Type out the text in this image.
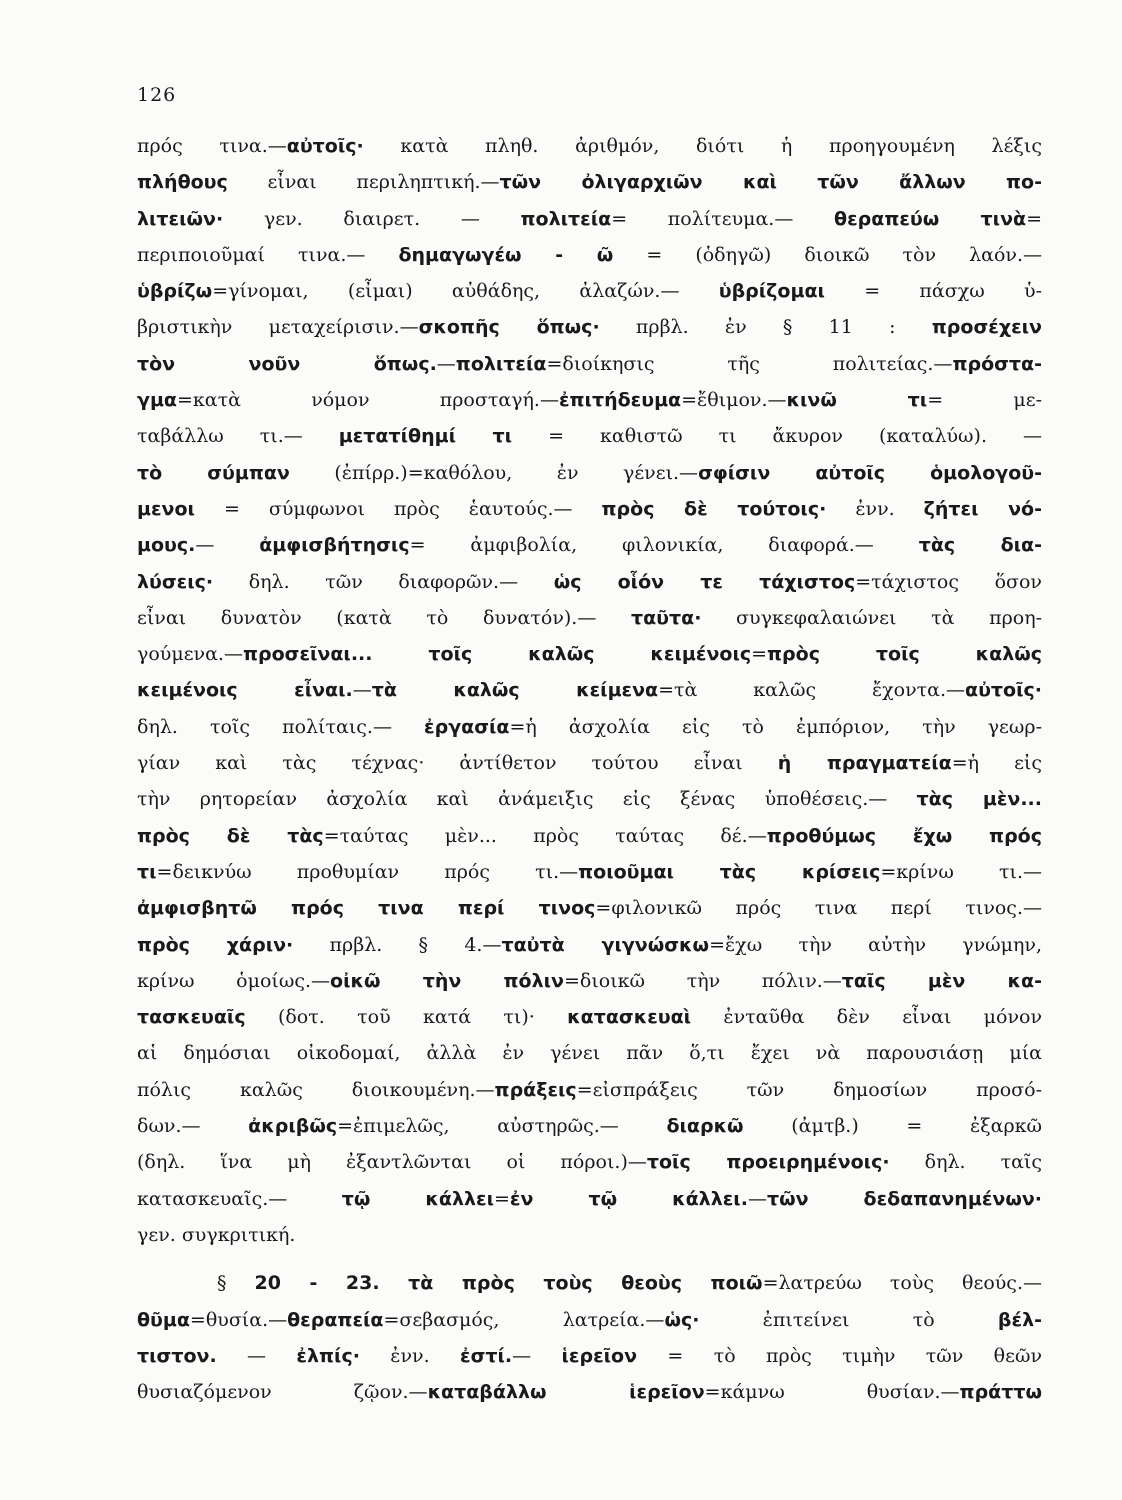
126
πρός τινα.—αὐτοῖς· κατὰ πληθ. ἀριθμόν, διότι ἡ προηγουμένη λέξις
πλήθους εἶναι περιληπτική.—τῶν ὀλιγαρχιῶν καὶ τῶν ἄλλων πο-
λιτειῶν· γεν. διαιρετ. — πολιτεία= πολίτευμα.— θεραπεύω τινὰ=
περιποιοῦμαί τινα.— δημαγωγέω - ῶ = (ὁδηγῶ) διοικῶ τὸν λαόν.—
ὑβρίζω=γίνομαι, (εἶμαι) αὐθάδης, ἀλαζών.— ὑβρίζομαι = πάσχω ὑ-
βριστικὴν μεταχείρισιν.—σκοπῆς ὅπως· πρβλ. ἐν § 11 : προσέχειν
τὸν νοῦν ὅπως.—πολιτεία=διοίκησις τῆς πολιτείας.—πρόστα-
γμα=κατὰ νόμον προσταγή.—ἐπιτήδευμα=ἔθιμον.—κινῶ τι= με-
ταβάλλω τι.— μετατίθημί τι = καθιστῶ τι ἄκυρον (καταλύω). —
τὸ σύμπαν (ἐπίρρ.)=καθόλου, ἐν γένει.—σφίσιν αὐτοῖς ὁμολογοῦ-
μενοι = σύμφωνοι πρὸς ἑαυτούς.— πρὸς δὲ τούτοις· ἐνν. ζήτει νό-
μους.— ἀμφισβήτησις= ἀμφιβολία, φιλονικία, διαφορά.— τὰς δια-
λύσεις· δηλ. τῶν διαφορῶν.— ὡς οἷόν τε τάχιστος=τάχιστος ὅσον
εἶναι δυνατὸν (κατὰ τὸ δυνατόν).— ταῦτα· συγκεφαλαιώνει τὰ προη-
γούμενα.—προσεῖναι... τοῖς καλῶς κειμένοις=πρὸς τοῖς καλῶς
κειμένοις εἶναι.—τὰ καλῶς κείμενα=τὰ καλῶς ἔχοντα.—αὐτοῖς·
δηλ. τοῖς πολίταις.— ἐργασία=ἡ ἀσχολία εἰς τὸ ἐμπόριον, τὴν γεωρ-
γίαν καὶ τὰς τέχνας· ἀντίθετον τούτου εἶναι ἡ πραγματεία=ἡ εἰς
τὴν ρητορείαν ἀσχολία καὶ ἀνάμειξις εἰς ξένας ὑποθέσεις.— τὰς μὲν...
πρὸς δὲ τὰς=ταύτας μὲν... πρὸς ταύτας δέ.—προθύμως ἔχω πρός
τι=δεικνύω προθυμίαν πρός τι.—ποιοῦμαι τὰς κρίσεις=κρίνω τι.—
ἀμφισβητῶ πρός τινα περί τινος=φιλονικῶ πρός τινα περί τινος.—
πρὸς χάριν· πρβλ. § 4.—ταὐτὰ γιγνώσκω=ἔχω τὴν αὐτὴν γνώμην,
κρίνω ὁμοίως.—οἰκῶ τὴν πόλιν=διοικῶ τὴν πόλιν.—ταῖς μὲν κα-
τασκευαῖς (δοτ. τοῦ κατά τι)· κατασκευαὶ ἐνταῦθα δὲν εἶναι μόνον
αἱ δημόσιαι οἰκοδομαί, ἀλλὰ ἐν γένει πᾶν ὅ,τι ἔχει νὰ παρουσιάσῃ μία
πόλις καλῶς διοικουμένη.—πράξεις=εἰσπράξεις τῶν δημοσίων προσό-
δων.— ἀκριβῶς=ἐπιμελῶς, αὐστηρῶς.— διαρκῶ (ἀμτβ.) = ἐξαρκῶ
(δηλ. ἵνα μὴ ἐξαντλῶνται οἱ πόροι.)—τοῖς προειρημένοις· δηλ. ταῖς
κατασκευαῖς.— τῷ κάλλει=ἐν τῷ κάλλει.—τῶν δεδαπανημένων·
γεν. συγκριτική.
§ 20 - 23. τὰ πρὸς τοὺς θεοὺς ποιῶ=λατρεύω τοὺς θεούς.—
θῦμα=θυσία.—θεραπεία=σεβασμός, λατρεία.—ὡς· ἐπιτείνει τὸ βέλ-
τιστον. — ἐλπίς· ἐνν. ἐστί.— ἱερεῖον = τὸ πρὸς τιμὴν τῶν θεῶν
θυσιαζόμενον ζῷον.—καταβάλλω ἱερεῖον=κάμνω θυσίαν.—πράττω
